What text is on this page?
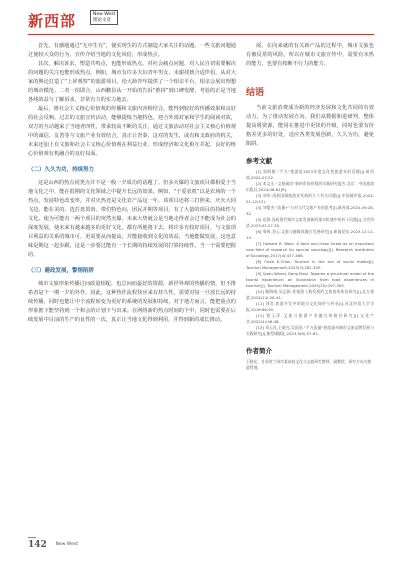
新西部	New West
理论文章

首先，有感地通过“无中生有”，使实现生的方式制造大家关注的话题。一些文旅问题通过使较大众的行为，宣传介绍当地的文化风俗，形成热点。

其次，解决诉求，塑造共鸣点，也能形成热点。对社会痛点问题、对人民自切需要解决的问题的关注也能形成热点。例如，城市有许多夫妇青年男女、未谢找到合适伴侣。从对大家的舆论打造了“上屏观察”的旅游项目，给大龄青年提供了一个相亲平台，相亲会展出理想的城市模范。二者一拍即合，山西鹏县从一开始的告诉“推拼”到口碑发酵，考验的正是当地各线效益与了解诉求，非常有力的实力地去。

最后，将社会主义核心价值观的传播和文旅内容相结合，能得到较好的传播效果和良好的社会反响。过去的文旅宣传活动，能够提炼当地特色，迎合外部对家和学生的阅读对故，双方的互动越来了当地者四性，带来较高不断的关注，通过文旅活动对社会主义核心价值观中的诚信、友善等与文旅产业有效结合，真正让青秦，这对的发生，或有和支政府的机关，未来还加上有文旅和社会主义核心价值观在利益行业、形成经济和文化相互并起、良好的核心价值观有机融合的良好局面。

（二）久久为功，持续努力

这是山西的热点同类点并不是一般一夕成功的话题了。但多火爆的文旅项目都相爱于当地文化之中，能在很期的文化领域之中提升长远的效果。例如，“于爱农机”以是农场的一个热点，发展特色改变率，并对火热还是文化农产品这一年。该项目还将三打照来，庆火大同飞边。能在美的、选打盘贺尚、带们特色向，团民并期等项目，有了大量的项目的持续性与文化。使为可能有一两个项目的突然火爆，未来大势就会是当地走得者会过不能成为社会的深度发展，使未来有越来越多的更好文化，都有所地将下去。将许多有较好项目，与文旅项目利益的关系的城市可，更需要从而提高，并能接收到文化的效益，当地能做发展，这也意味是期这一起步跟，这是一步要过能有一个长期的持续发展的打算持续性，当一个需要把握的。

（三）避政发展，警惕陷阱

城市文旅形象传播过问政量相配，也总问而最好的资源，新世界观的热播的情，但不推希者是个一期一夕的外作。因此，这种热作流程快应来有持久性，需要对每一旦放长远的持续传播，同时也能让中个流程转变为更好的系统的发展和持续，对于地方而言，能把重点的形象推下能坚持到一个和会的计划下与出来。在网络新的热点时间的个中，同时也需要在后续发展中目前的生产的良性的一次，真正让当地文化得到利用，并得到新的成长推动。

展。在向来就的有关新产品的过程中，城市文旅也有被反常的风险。所以在城市文旅宣传中，需要有未热的能力，也要有按断不行力的能力。

结语

当前文旅消费成为新的经济发展和文化共同的有效动力，为了推动发展方向，我们从数据和进研判，整体提高将资源，能同在推进中更快的升级，同时也要有价格差更多的好处，适应各类发展创新，久久为功，避免陷阱。

参考文献

[1] 郭海敏.“千万”旅游是2023年度文化变旅游业的话题[J].新西部,2024-07:22.

[2] 本文无.“文旅破局”新的市场营销的实践研究报告.北京：中国旅游出版社,2024:48-61[R].

[3] 刘华.浅析国城旅游业发展的几个有关问题[J].中国城市报,2024-01-12(13).

[4] 刘俊杰.“流量+”与对当代文旅产业的思考[J].新西部,2024-09:28-32.

[5] 范维.浅析现代城市文旅发展新的现实机遇中的若干问题[J].当代经济,2023,02:27-30.

[6] 周伟,刘云.文旅与融媒体融合发展研究[J].新闻论坛,2023-12:11-13.

[7] Howard R. Wale. A food and clean ticket as an important new field of research for special sociology[J]. Research Institution of Sociology,2017(4):437-466.

[8] Chee K.Chan. Tourism in the era of social media[J]. Tourism Management,2023(3):281-305.

[9] Quan Whaei, Rong Bing. Towards a structural model of the tourist experience: an illustration from food experiences in tourism[J]. Tourism Management,2004(25):297-305.

[10] 顾海康,吴志娟.景观游人数发展的文旅视角体验研究[J].北方旅游,2024(14):26-41.

[11] 刘君.旅游开发中的地方文化保护与传承[J].河北经贸大学学报,2018:86-90.

[12] 钱玉萍.文旅与旅游产业融合的路径研究[J].文化产业,2022(4):46-48.

[13] 刘云凤,王晓光,吴国英.“千万流量”热度驱动城市文旅品牌发展与实践研究[J].新型城镇化,2023,9(8):57-63.

作者简介
王晓光，甘肃省兰州市某高校文化与文旅研究教师，副教授，研究方向为旅游管理。
142 New West
